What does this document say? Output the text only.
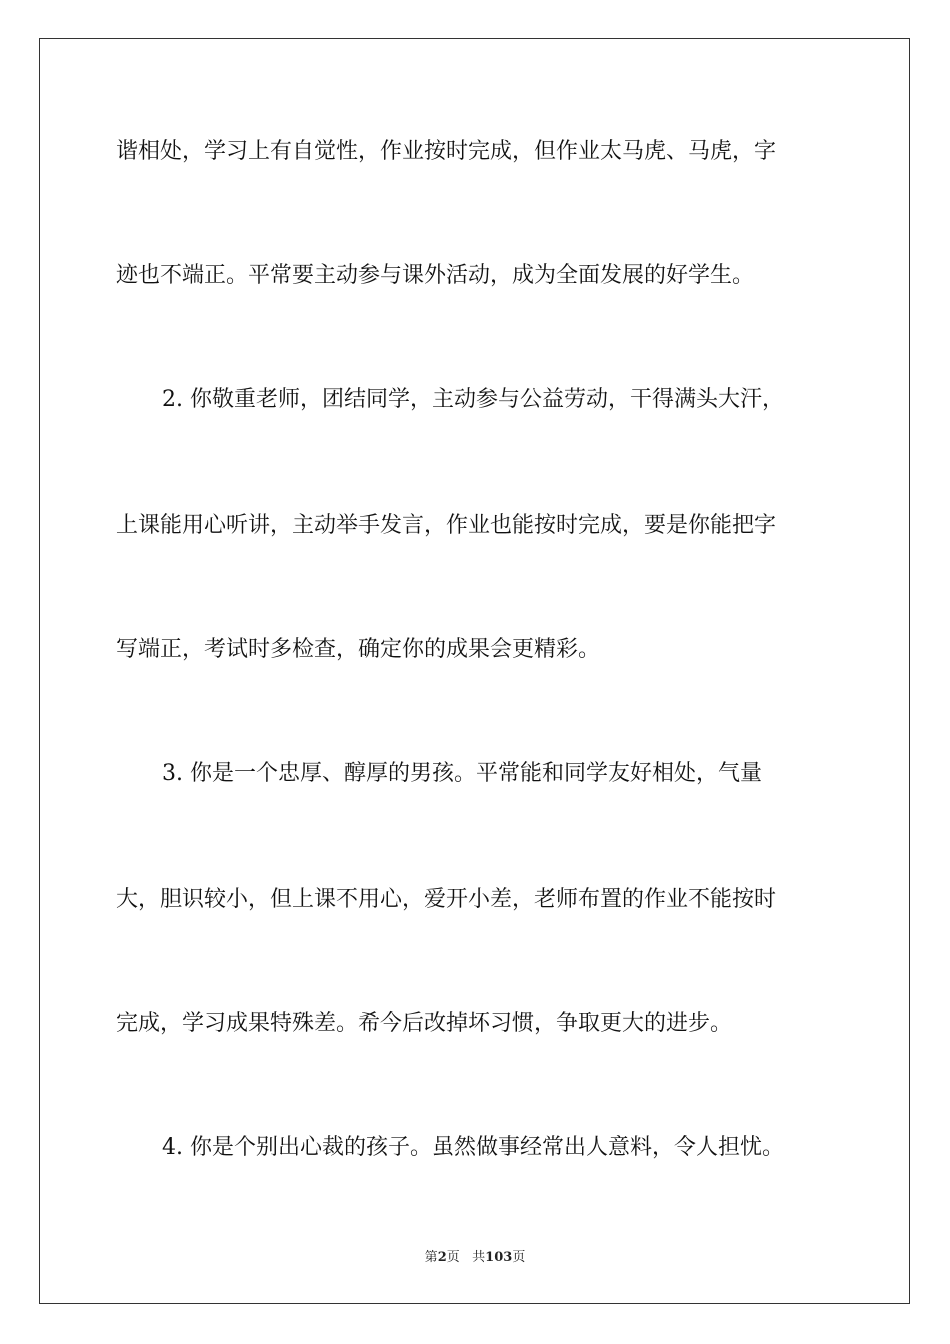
谐相处，学习上有自觉性，作业按时完成，但作业太马虎、马虎，字
迹也不端正。平常要主动参与课外活动，成为全面发展的好学生。
2. 你敬重老师，团结同学，主动参与公益劳动，干得满头大汗，
上课能用心听讲，主动举手发言，作业也能按时完成，要是你能把字
写端正，考试时多检查，确定你的成果会更精彩。
3. 你是一个忠厚、醇厚的男孩。平常能和同学友好相处，气量
大，胆识较小，但上课不用心，爱开小差，老师布置的作业不能按时
完成，学习成果特殊差。希今后改掉坏习惯，争取更大的进步。
4. 你是个别出心裁的孩子。虽然做事经常出人意料，令人担忧。
第2页 共103页
